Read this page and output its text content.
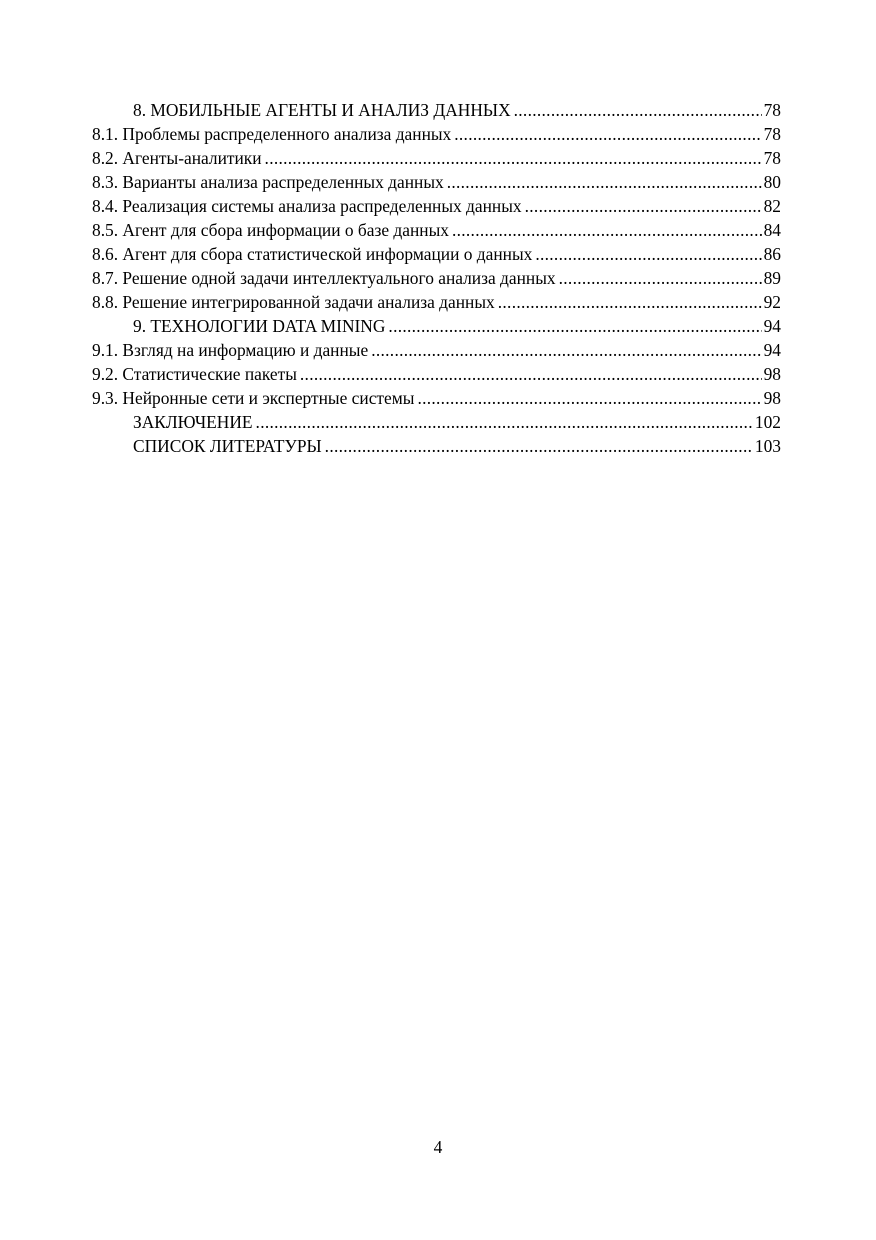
8. МОБИЛЬНЫЕ АГЕНТЫ И АНАЛИЗ ДАННЫХ .....	78
8.1. Проблемы распределенного анализа данных .....	78
8.2. Агенты-аналитики .....	78
8.3. Варианты анализа распределенных данных .....	80
8.4. Реализация системы анализа распределенных данных .....	82
8.5. Агент для сбора информации о базе данных .....	84
8.6. Агент для сбора статистической информации о данных .....	86
8.7. Решение одной задачи интеллектуального анализа данных .....	89
8.8. Решение интегрированной задачи анализа данных .....	92
9. ТЕХНОЛОГИИ DATA MINING .....	94
9.1. Взгляд на информацию и данные .....	94
9.2. Статистические пакеты .....	98
9.3. Нейронные сети и экспертные системы .....	98
ЗАКЛЮЧЕНИЕ .....	102
СПИСОК ЛИТЕРАТУРЫ .....	103
4
